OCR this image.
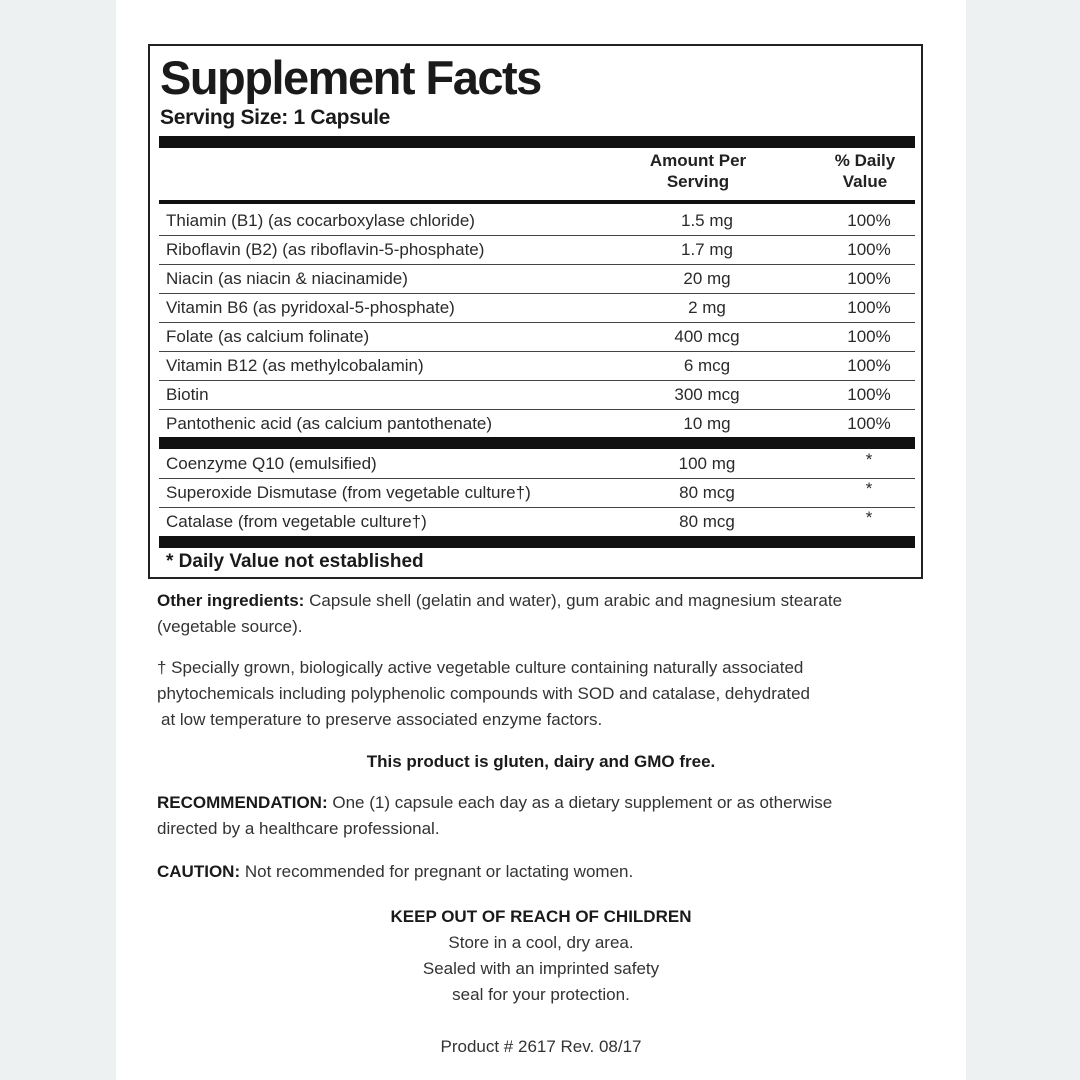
Supplement Facts
Serving Size: 1 Capsule
Amount Per
Serving
% Daily
Value
Thiamin (B1) (as cocarboxylase chloride)	1.5 mg	100%
Riboflavin (B2) (as riboflavin-5-phosphate)	1.7 mg	100%
Niacin (as niacin & niacinamide)	20 mg	100%
Vitamin B6 (as pyridoxal-5-phosphate)	2 mg	100%
Folate (as calcium folinate)	400 mcg	100%
Vitamin B12 (as methylcobalamin)	6 mcg	100%
Biotin	300 mcg	100%
Pantothenic acid (as calcium pantothenate)	10 mg	100%
Coenzyme Q10 (emulsified)	100 mg	*
Superoxide Dismutase (from vegetable culture†)	80 mcg	*
Catalase (from vegetable culture†)	80 mcg	*
* Daily Value not established
Other ingredients: Capsule shell (gelatin and water), gum arabic and magnesium stearate
(vegetable source).
† Specially grown, biologically active vegetable culture containing naturally associated
phytochemicals including polyphenolic compounds with SOD and catalase, dehydrated
at low temperature to preserve associated enzyme factors.
This product is gluten, dairy and GMO free.
RECOMMENDATION: One (1) capsule each day as a dietary supplement or as otherwise
directed by a healthcare professional.
CAUTION: Not recommended for pregnant or lactating women.
KEEP OUT OF REACH OF CHILDREN
Store in a cool, dry area.
Sealed with an imprinted safety
seal for your protection.
Product # 2617 Rev. 08/17
